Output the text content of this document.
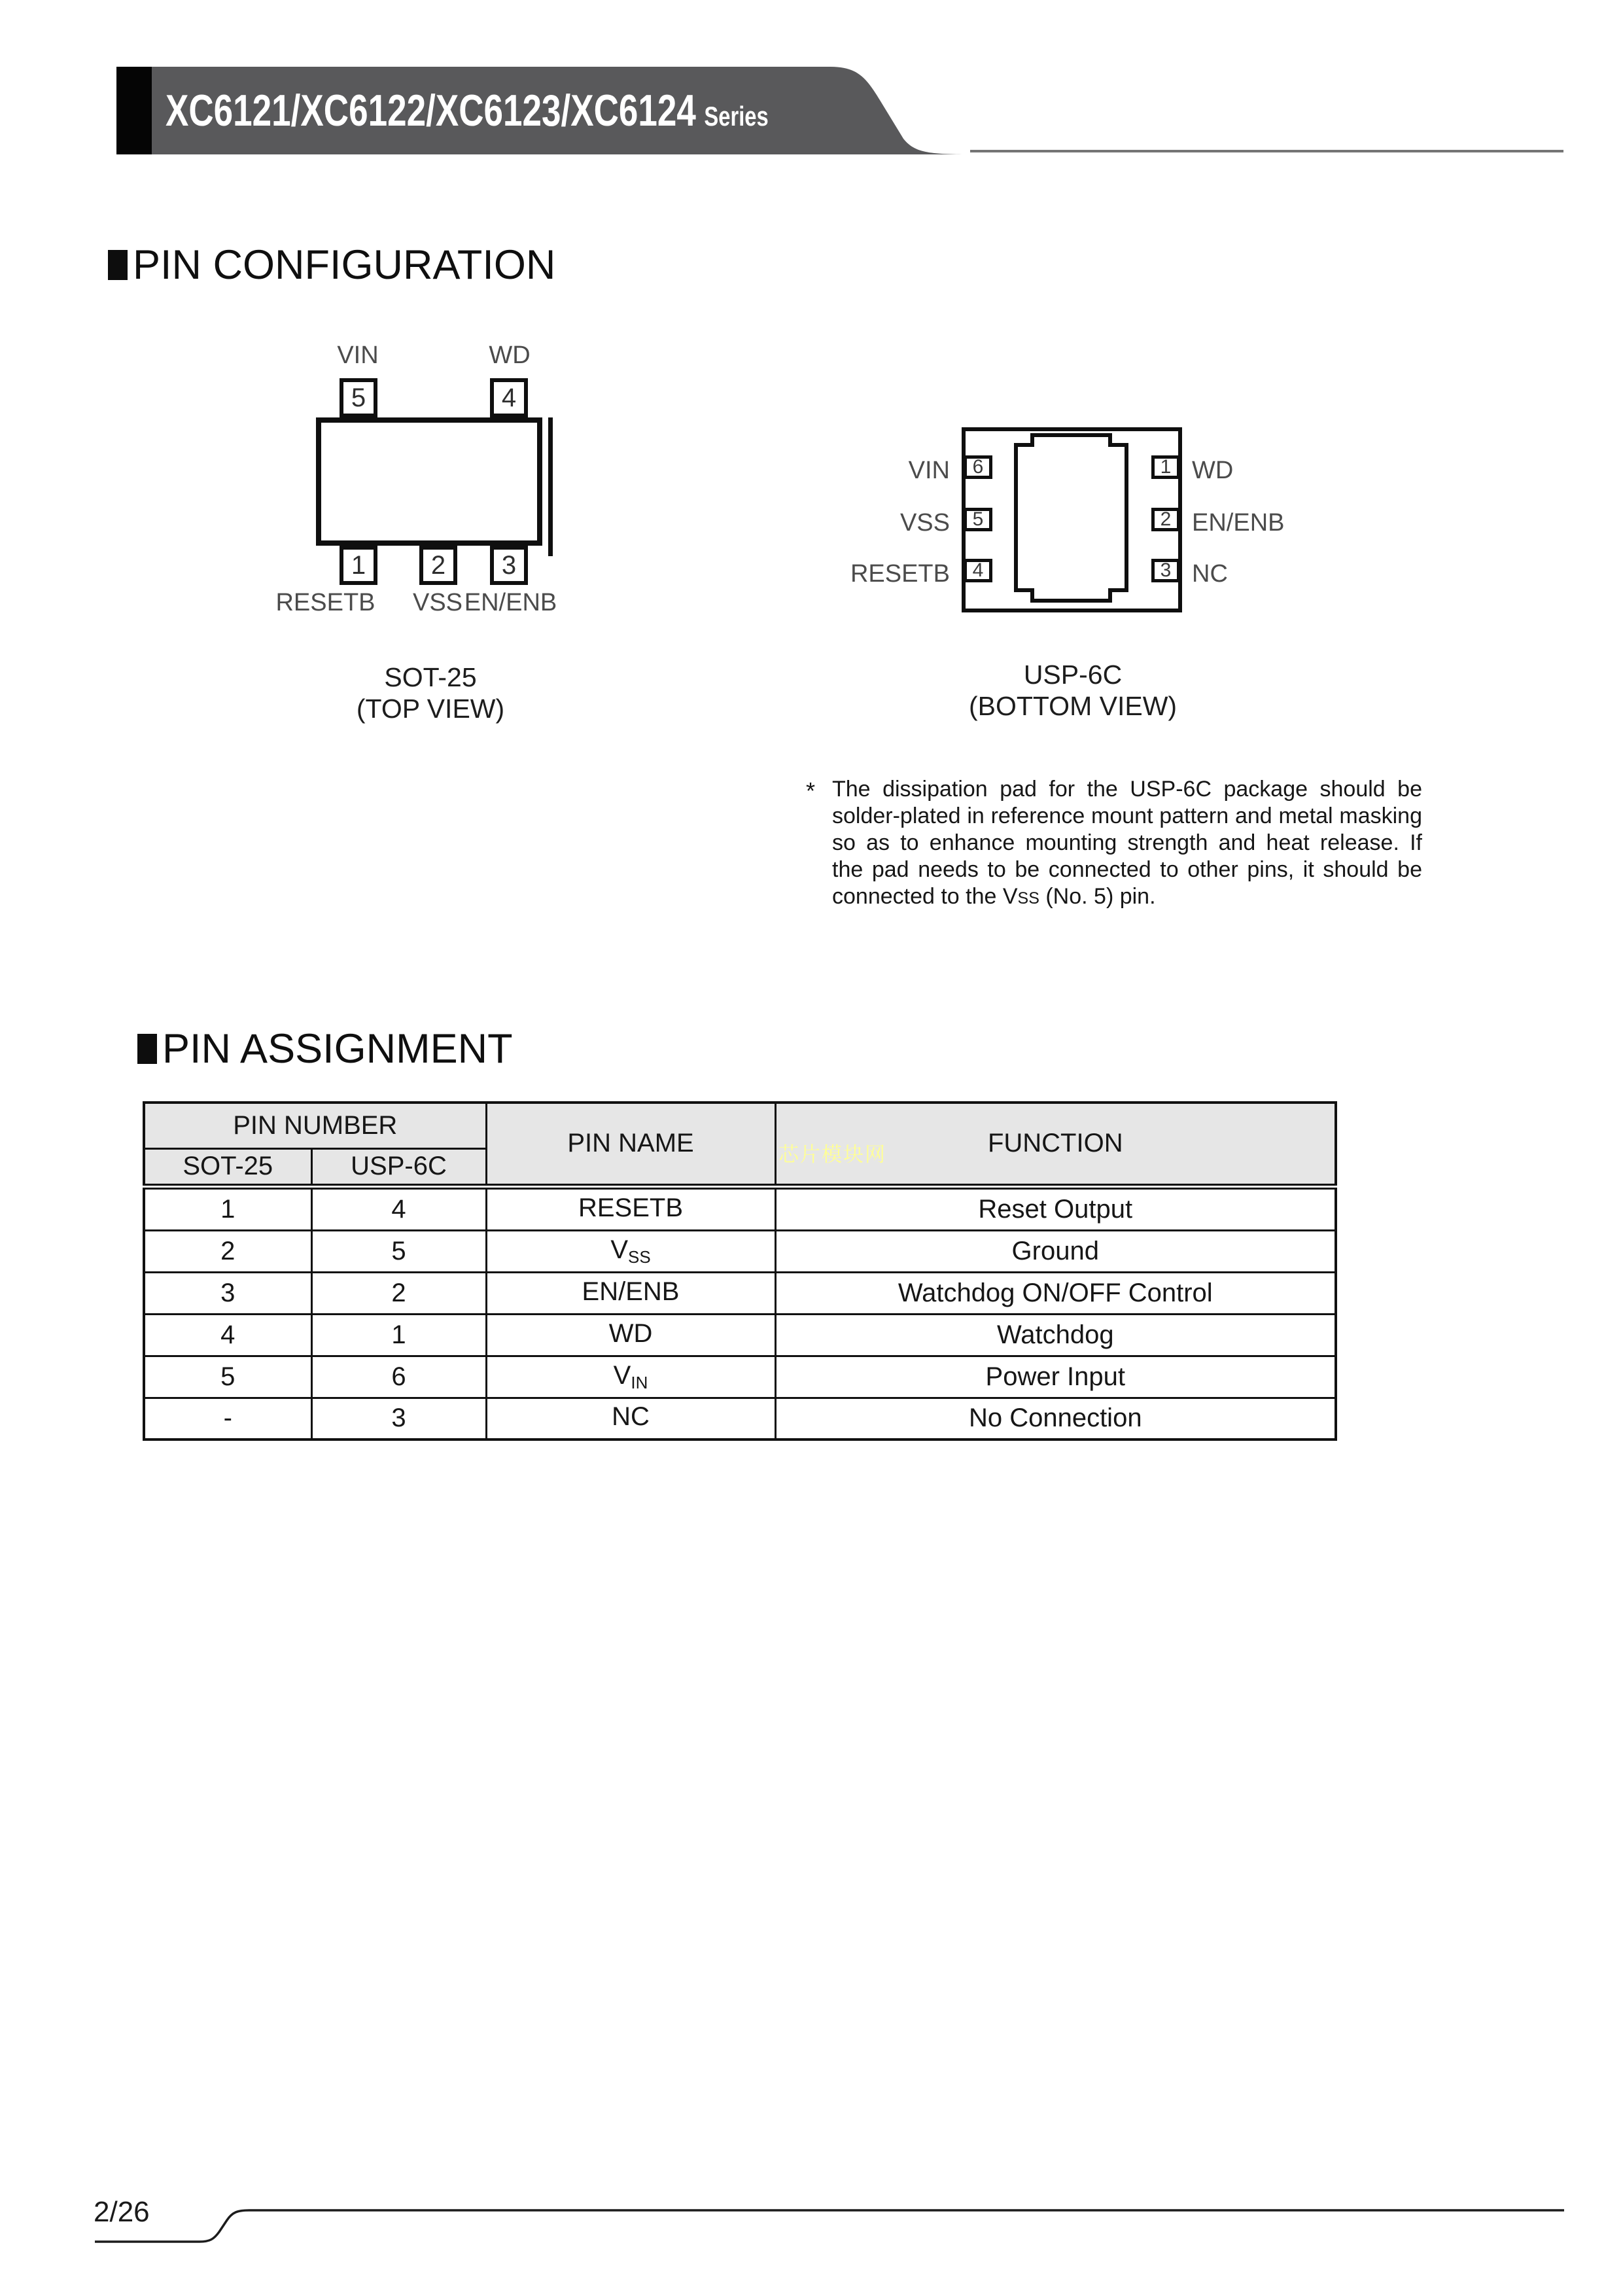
XC6121/XC6122/XC6123/XC6124 Series
PIN CONFIGURATION
VIN	WD
5	4
1 2 3
RESETB	VSS EN/ENB
SOT-25
(TOP VIEW)
6
5
4
1
2
3
VIN
VSS
RESETB
WD
EN/ENB
NC
USP-6C
(BOTTOM VIEW)
* The dissipation pad for the USP-6C package should be
solder-plated in reference mount pattern and metal masking
so as to enhance mounting strength and heat release. If
the pad needs to be connected to other pins, it should be
connected to the VSS (No. 5) pin.
PIN ASSIGNMENT
PIN NUMBER		PIN NAME	FUNCTION
SOT-25	USP-6C		
1	4	RESETB	Reset Output
2	5	$V_{SS}$	Ground
3	2	EN/ENB	Watchdog ON/OFF Control
4	1	WD	Watchdog
5	6	$V_{IN}$	Power Input
-	3	NC	No Connection
芯片模块网
2/26
